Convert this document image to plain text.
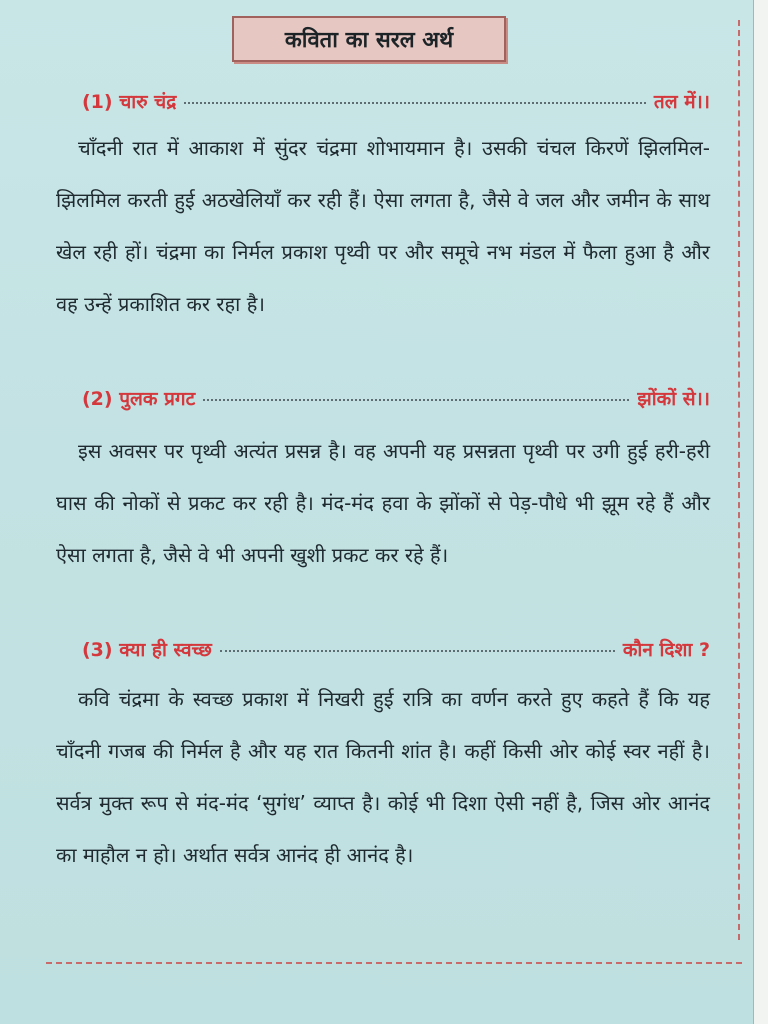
कविता का सरल अर्थ
(1) चारु चंद्र	तल में।।
चाँदनी रात में आकाश में सुंदर चंद्रमा शोभायमान है। उसकी चंचल किरणें झिलमिल-झिलमिल करती हुई अठखेलियाँ कर रही हैं। ऐसा लगता है, जैसे वे जल और जमीन के साथ खेल रही हों। चंद्रमा का निर्मल प्रकाश पृथ्वी पर और समूचे नभ मंडल में फैला हुआ है और वह उन्हें प्रकाशित कर रहा है।
(2) पुलक प्रगट	झोंकों से।।
इस अवसर पर पृथ्वी अत्यंत प्रसन्न है। वह अपनी यह प्रसन्नता पृथ्वी पर उगी हुई हरी-हरी घास की नोकों से प्रकट कर रही है। मंद-मंद हवा के झोंकों से पेड़-पौधे भी झूम रहे हैं और ऐसा लगता है, जैसे वे भी अपनी खुशी प्रकट कर रहे हैं।
(3) क्या ही स्वच्छ	कौन दिशा ?
कवि चंद्रमा के स्वच्छ प्रकाश में निखरी हुई रात्रि का वर्णन करते हुए कहते हैं कि यह चाँदनी गजब की निर्मल है और यह रात कितनी शांत है। कहीं किसी ओर कोई स्वर नहीं है। सर्वत्र मुक्त रूप से मंद-मंद ‘सुगंध’ व्याप्त है। कोई भी दिशा ऐसी नहीं है, जिस ओर आनंद का माहौल न हो। अर्थात सर्वत्र आनंद ही आनंद है।
